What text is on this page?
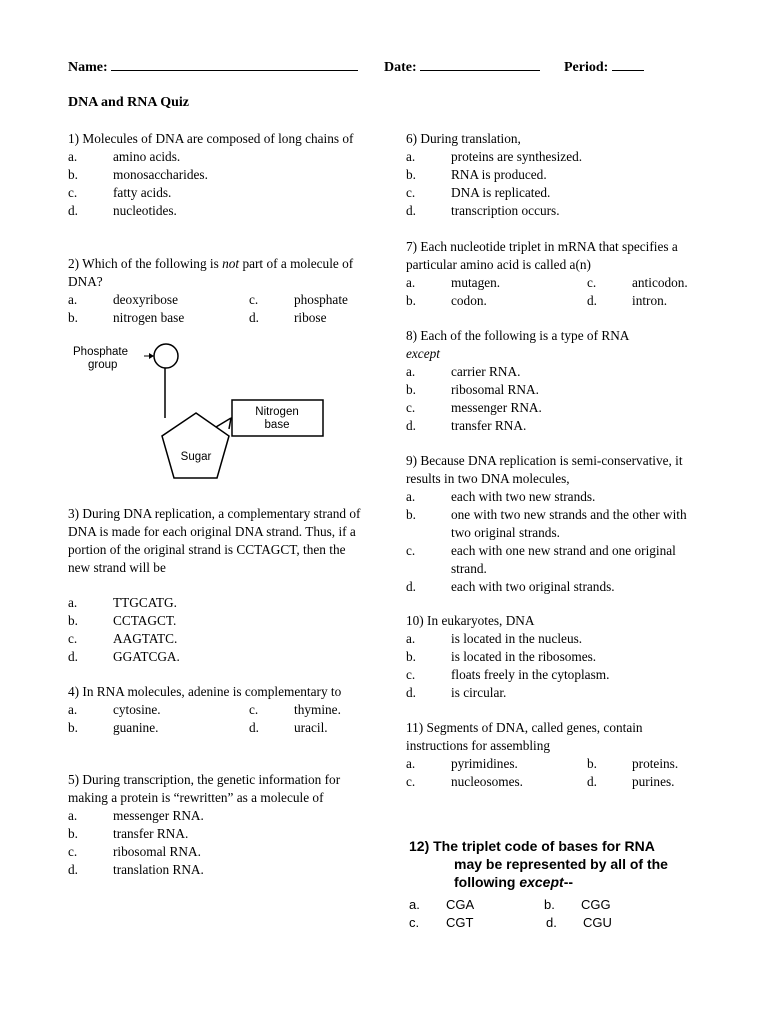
Name:	Date:	Period:
DNA and RNA Quiz

1) Molecules of DNA are composed of long chains of

a.	amino acids.
b.	monosaccharides.
c.	fatty acids.
d.	nucleotides.

2) Which of the following is not part of a molecule of DNA?

a.	deoxyribose	c.	phosphate
b.	nitrogen base	d.	ribose
Phosphate
group
Nitrogen
base
Sugar

3) During DNA replication, a complementary strand of DNA is made for each original DNA strand. Thus, if a portion of the original strand is CCTAGCT, then the new strand will be

a.	TTGCATG.
b.	CCTAGCT.
c.	AAGTATC.
d.	GGATCGA.

4) In RNA molecules, adenine is complementary to

a.	cytosine.	c.	thymine.
b.	guanine.	d.	uracil.

5) During transcription, the genetic information for making a protein is “rewritten” as a molecule of

a.	messenger RNA.
b.	transfer RNA.
c.	ribosomal RNA.
d.	translation RNA.

6) During translation,

a.	proteins are synthesized.
b.	RNA is produced.
c.	DNA is replicated.
d.	transcription occurs.

7) Each nucleotide triplet in mRNA that specifies a particular amino acid is called a(n)

a.	mutagen.	c.	anticodon.
b.	codon.	d.	intron.

8) Each of the following is a type of RNA
except

a.	carrier RNA.
b.	ribosomal RNA.
c.	messenger RNA.
d.	transfer RNA.

9) Because DNA replication is semi-conservative, it results in two DNA molecules,

a.	each with two new strands.
b.	one with two new strands and the other with two original strands.
c.	each with one new strand and one original strand.
d.	each with two original strands.

10) In eukaryotes, DNA

a.	is located in the nucleus.
b.	is located in the ribosomes.
c.	floats freely in the cytoplasm.
d.	is circular.

11) Segments of DNA, called genes, contain instructions for assembling

a.	pyrimidines.	b.	proteins.
c.	nucleosomes.	d.	purines.
12) The triplet code of bases for RNA
may be represented by all of the
following except--
a. CGA	b. CGG
c. CGT	d. CGU
